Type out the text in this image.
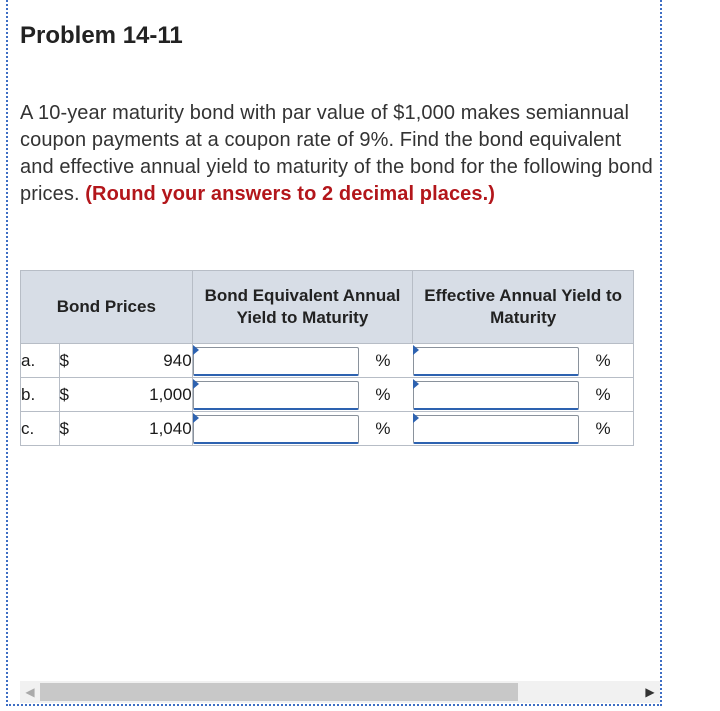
Problem 14-11

A 10-year maturity bond with par value of $1,000 makes semiannual coupon payments at a coupon rate of 9%. Find the bond equivalent and effective annual yield to maturity of the bond for the following bond prices. (Round your answers to 2 decimal places.)

Bond Prices			Bond Equivalent Annual Yield to Maturity		Effective Annual Yield to Maturity	
a.	$	940		%		%
b.	$	1,000		%		%
c.	$	1,040		%		%
◀	▶
